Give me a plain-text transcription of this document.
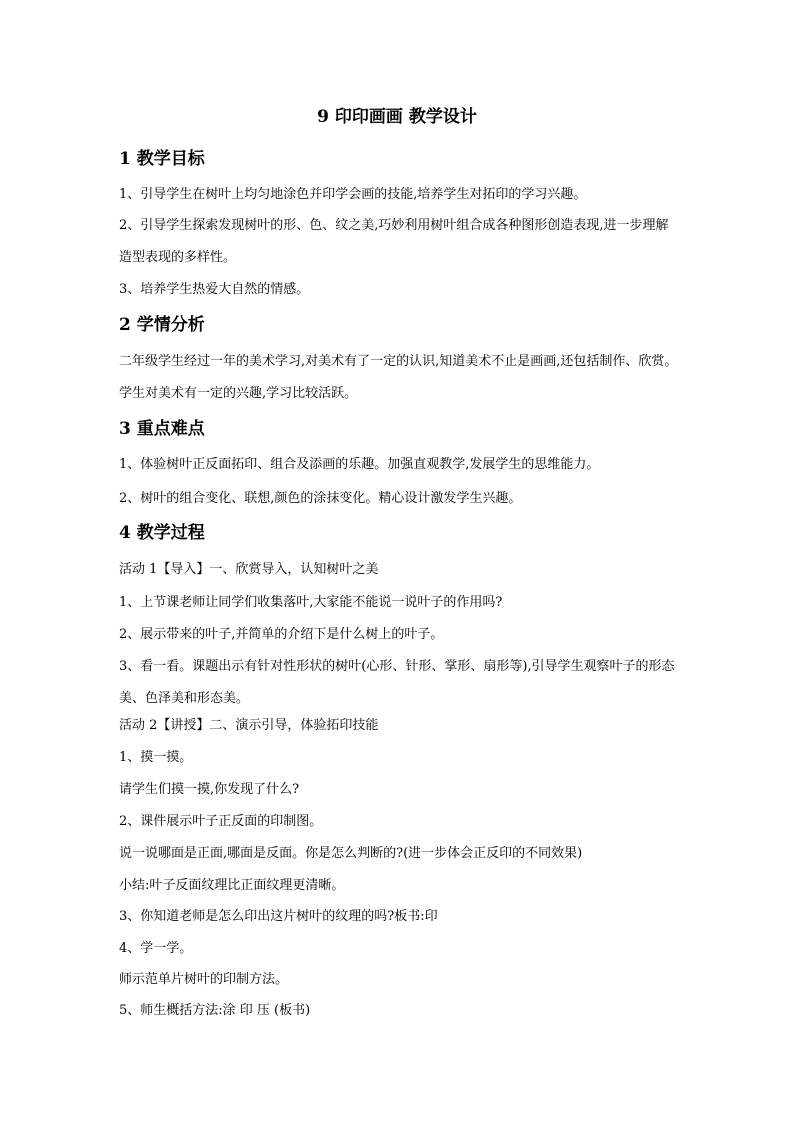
9 印印画画 教学设计
1 教学目标

1、引导学生在树叶上均匀地涂色并印学会画的技能,培养学生对拓印的学习兴趣。

2、引导学生探索发现树叶的形、色、纹之美,巧妙利用树叶组合成各种图形创造表现,进一步理解造型表现的多样性。

3、培养学生热爱大自然的情感。

2 学情分析

二年级学生经过一年的美术学习,对美术有了一定的认识,知道美术不止是画画,还包括制作、欣赏。学生对美术有一定的兴趣,学习比较活跃。

3 重点难点

1、体验树叶正反面拓印、组合及添画的乐趣。加强直观教学,发展学生的思维能力。

2、树叶的组合变化、联想,颜色的涂抹变化。精心设计激发学生兴趣。

4 教学过程

活动 1【导入】一、欣赏导入，认知树叶之美

1、上节课老师让同学们收集落叶,大家能不能说一说叶子的作用吗?

2、展示带来的叶子,并简单的介绍下是什么树上的叶子。

3、看一看。课题出示有针对性形状的树叶(心形、针形、掌形、扇形等),引导学生观察叶子的形态美、色泽美和形态美。

活动 2【讲授】二、演示引导，体验拓印技能

1、摸一摸。

请学生们摸一摸,你发现了什么?

2、课件展示叶子正反面的印制图。

说一说哪面是正面,哪面是反面。你是怎么判断的?(进一步体会正反印的不同效果)

小结:叶子反面纹理比正面纹理更清晰。

3、你知道老师是怎么印出这片树叶的纹理的吗?板书:印

4、学一学。

师示范单片树叶的印制方法。

5、师生概括方法:涂 印 压 (板书)
